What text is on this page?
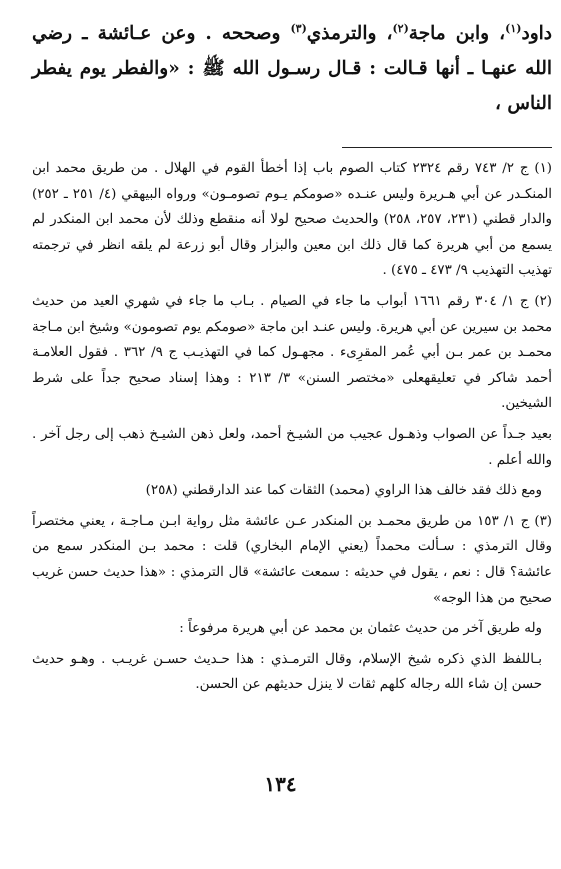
داود$^{(١)}$، وابن ماجة$^{(٢)}$، والترمذي$^{(٣)}$ وصححه . وعن عـائشة ـ رضي الله عنهـا ـ أنها قـالت : قـال رسـول الله ﷺ : «والفطر يوم يفطر الناس ،

(١) ج ٢/ ٧٤٣ رقم ٢٣٢٤ كتاب الصوم باب إذا أخطأ القوم في الهلال . من طريق محمد ابن المنكـدر عن أبي هـريرة وليس عنـده «صومكم يـوم تصومـون» ورواه البيهقي (٤/ ٢٥١ ـ ٢٥٢) والدار قطني (٢٣١، ٢٥٧، ٢٥٨) والحديث صحيح لولا أنه منقطع وذلك لأن محمد ابن المنكدر لم يسمع من أبي هريرة كما قال ذلك ابن معين والبزار وقال أبو زرعة لم يلقه انظر في ترجمته تهذيب التهذيب ٩/ ٤٧٣ ـ ٤٧٥) .

(٢) ج ١/ ٣٠٤ رقم ١٦٦١ أبواب ما جاء في الصيام . بـاب ما جاء في شهري العيد من حديث محمد بن سيرين عن أبي هريرة. وليس عنـد ابن ماجة «صومكم يوم تصومون» وشيخ ابن مـاجة محمـد بن عمر بـن أبي عُمر المقرِىء . مجهـول كما في التهذيـب ج ٩/ ٣٦٢ . فقول العلامـة أحمد شاكر في تعليقهعلى «مختصر السنن» ٣/ ٢١٣ : وهذا إسناد صحيح جداً على شرط الشيخين.

بعيد جـداً عن الصواب وذهـول عجيب من الشيـخ أحمد، ولعل ذهن الشيـخ ذهب إلى رجل آخر . والله أعلم .

ومع ذلك فقد خالف هذا الراوي (محمد) الثقات كما عند الدارقطني (٢٥٨)

(٣) ج ١/ ١٥٣ من طريق محمـد بن المنكدر عـن عائشة مثل رواية ابـن مـاجـة ، يعني مختصراً وقال الترمذي : سـألت محمداً (يعني الإمام البخاري) قلت : محمد بـن المنكدر سمع من عائشة؟ قال : نعم ، يقول في حديثه : سمعت عائشة» قال الترمذي : «هذا حديث حسن غريب صحيح من هذا الوجه»

وله طريق آخر من حديث عثمان بن محمد عن أبي هريرة مرفوعاً :

بـاللفظ الذي ذكره شيخ الإسلام، وقال الترمـذي : هذا حـديث حسـن غريـب . وهـو حديث حسن إن شاء الله رجاله كلهم ثقات لا ينزل حديثهم عن الحسن.

١٣٤
